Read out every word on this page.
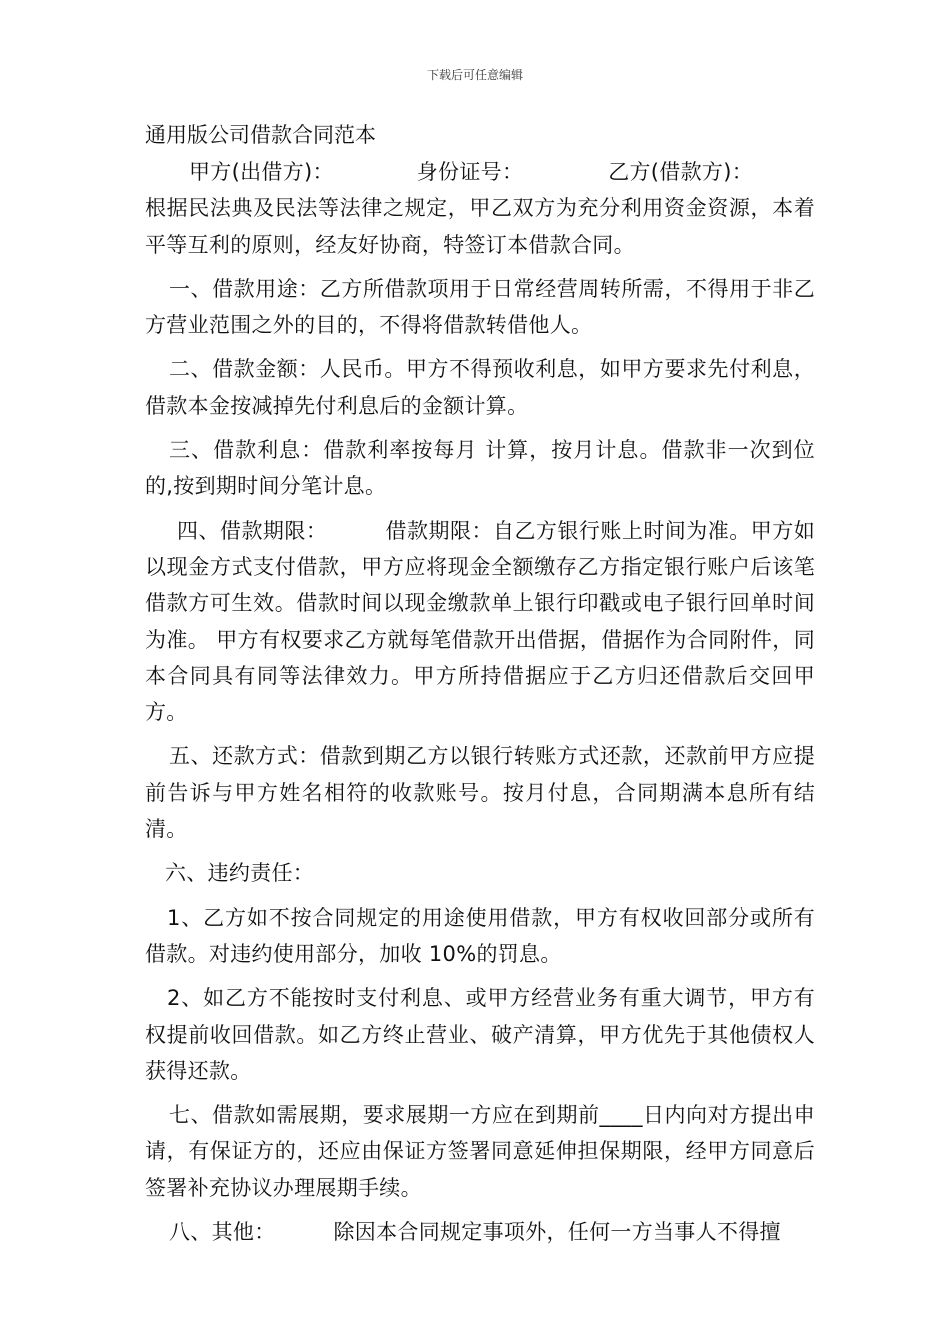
下载后可任意编辑
通用版公司借款合同范本

甲方(出借方)：	身份证号：	乙方(借款方)：根据民法典及民法等法律之规定，甲乙双方为充分利用资金资源，本着平等互利的原则，经友好协商，特签订本借款合同。

一、借款用途：乙方所借款项用于日常经营周转所需，不得用于非乙方营业范围之外的目的，不得将借款转借他人。

二、借款金额：人民币。甲方不得预收利息，如甲方要求先付利息，借款本金按减掉先付利息后的金额计算。

三、借款利息：借款利率按每月 计算，按月计息。借款非一次到位的,按到期时间分笔计息。

四、借款期限：	借款期限：自乙方银行账上时间为准。甲方如以现金方式支付借款，甲方应将现金全额缴存乙方指定银行账户后该笔借款方可生效。借款时间以现金缴款单上银行印戳或电子银行回单时间为准。 甲方有权要求乙方就每笔借款开出借据，借据作为合同附件，同本合同具有同等法律效力。甲方所持借据应于乙方归还借款后交回甲方。

五、还款方式：借款到期乙方以银行转账方式还款，还款前甲方应提前告诉与甲方姓名相符的收款账号。按月付息，合同期满本息所有结清。

六、违约责任：

1、乙方如不按合同规定的用途使用借款，甲方有权收回部分或所有借款。对违约使用部分，加收 10%的罚息。

2、如乙方不能按时支付利息、或甲方经营业务有重大调节，甲方有权提前收回借款。如乙方终止营业、破产清算，甲方优先于其他债权人获得还款。

七、借款如需展期，要求展期一方应在到期前____日内向对方提出申请，有保证方的，还应由保证方签署同意延伸担保期限，经甲方同意后签署补充协议办理展期手续。

八、其他：	除因本合同规定事项外，任何一方当事人不得擅
